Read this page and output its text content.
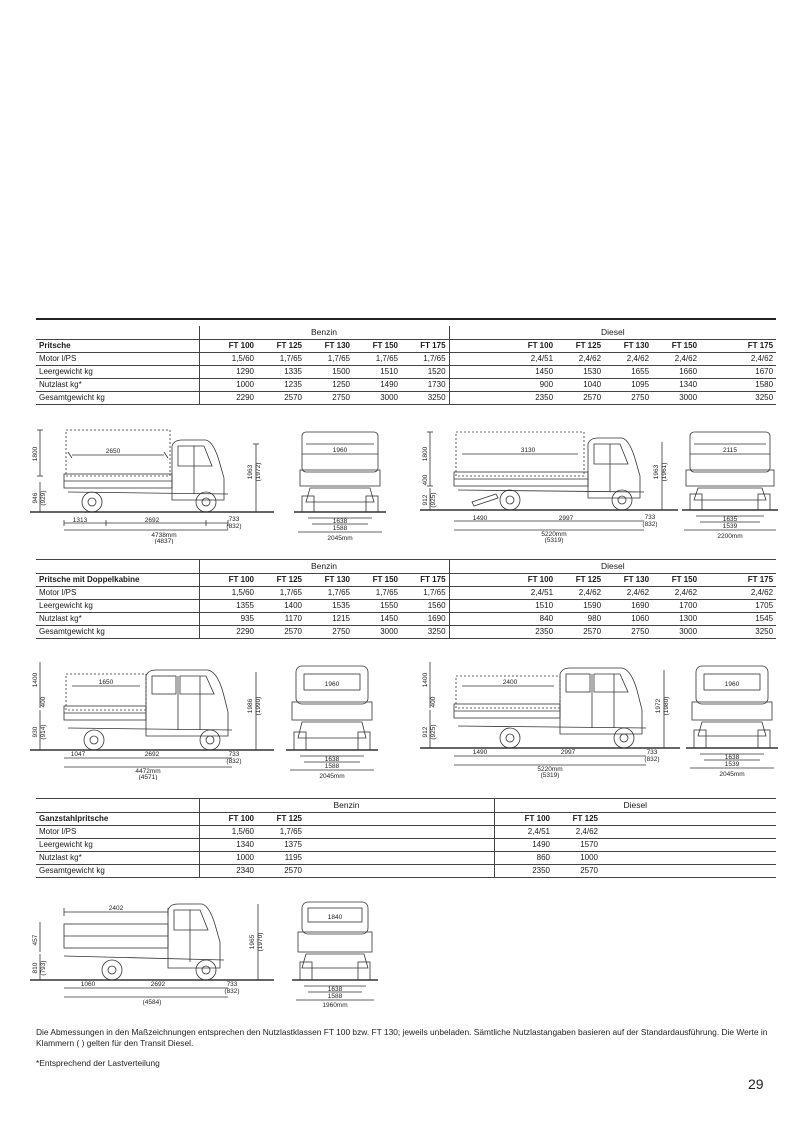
	Benzin					Diesel					
Pritsche	FT 100	FT 125	FT 130	FT 150	FT 175		FT 100	FT 125	FT 130	FT 150	FT 175
Motor l/PS	1,5/60	1,7/65	1,7/65	1,7/65	1,7/65		2,4/51	2,4/62	2,4/62	2,4/62	2,4/62
Leergewicht kg	1290	1335	1500	1510	1520		1450	1530	1655	1660	1670
Nutzlast kg*	1000	1235	1250	1490	1730		900	1040	1095	1340	1580
Gesamtgewicht kg	2290	2570	2750	3000	3250		2350	2570	2750	3000	3250
	Benzin					Diesel					
Pritsche mit Doppelkabine	FT 100	FT 125	FT 130	FT 150	FT 175		FT 100	FT 125	FT 130	FT 150	FT 175
Motor l/PS	1,5/60	1,7/65	1,7/65	1,7/65	1,7/65		2,4/51	2,4/62	2,4/62	2,4/62	2,4/62
Leergewicht kg	1355	1400	1535	1550	1560		1510	1590	1690	1700	1705
Nutzlast kg*	935	1170	1215	1450	1690		840	980	1060	1300	1545
Gesamtgewicht kg	2290	2570	2750	3000	3250		2350	2570	2750	3000	3250
	Benzin			Diesel		
Ganzstahlpritsche	FT 100	FT 125		FT 100	FT 125	
Motor l/PS	1,5/60	1,7/65		2,4/51	2,4/62	
Leergewicht kg	1340	1375		1490	1570	
Nutzlast kg*	1000	1195		860	1000	
Gesamtgewicht kg	2340	2570		2350	2570	
1800	2650
1963 (1972)
946 (929)
1313	2692	733
(832)
4738mm
(4837)
1960
1638
1588
2045mm
1800
400
3130
1963 (1961)
912 (925)
1490	2997	733
(832)
5220mm
(5319)
2115
1635
1539
2200mm
1400
400
1650
1986 (1990)
930 (914)
1047	2692	733
(832)
4472mm
(4571)
1960
1638
1588
2045mm
1400
400
2400
1972 (1980)
912 (925)
1490	2997	733
(832)
5220mm
(5319)
1960
1638
1539
2045mm
2402
457	1965 (1970)
810 (793)
1060	2692	733
(832)
(4584)
1840
1638
1588
1960mm
Die Abmessungen in den Maßzeichnungen entsprechen den Nutzlastklassen FT 100 bzw. FT 130; jeweils unbeladen. Sämtliche Nutzlastangaben basieren auf der Standardausführung. Die Werte in Klammern ( ) gelten für den Transit Diesel.
*Entsprechend der Lastverteilung
29
